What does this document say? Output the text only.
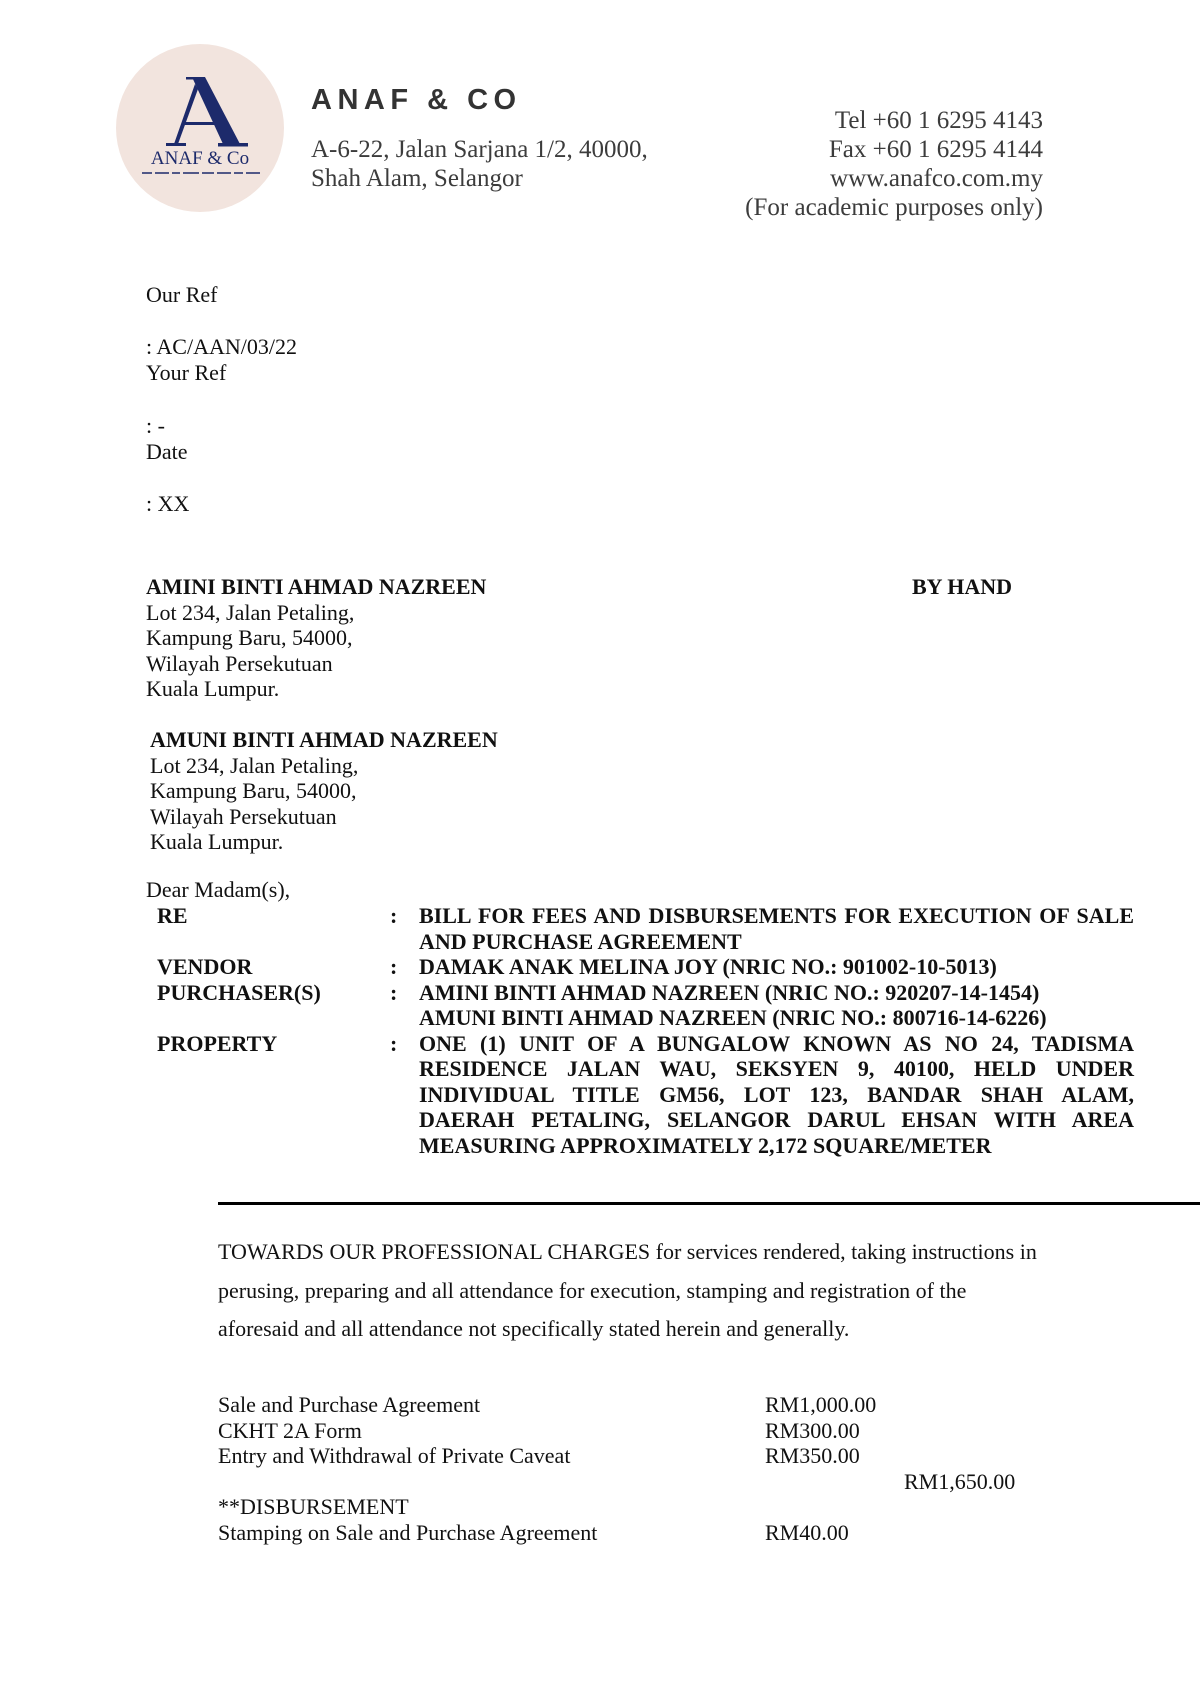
ANAF & Co
ANAF & CO
A-6-22, Jalan Sarjana 1/2, 40000,
Shah Alam, Selangor
Tel +60 1 6295 4143
Fax +60 1 6295 4144
www.anafco.com.my
(For academic purposes only)
Our Ref
: AC/AAN/03/22
Your Ref
: -
Date
: XX
AMINI BINTI AHMAD NAZREEN
Lot 234, Jalan Petaling,
Kampung Baru, 54000,
Wilayah Persekutuan
Kuala Lumpur.
BY HAND
AMUNI BINTI AHMAD NAZREEN
Lot 234, Jalan Petaling,
Kampung Baru, 54000,
Wilayah Persekutuan
Kuala Lumpur.
Dear Madam(s),
RE	: BILL FOR FEES AND DISBURSEMENTS FOR EXECUTION OF SALE
AND PURCHASE AGREEMENT
VENDOR	: DAMAK ANAK MELINA JOY (NRIC NO.: 901002-10-5013)
PURCHASER(S)	: AMINI BINTI AHMAD NAZREEN (NRIC NO.: 920207-14-1454)
AMUNI BINTI AHMAD NAZREEN (NRIC NO.: 800716-14-6226)
PROPERTY	: ONE (1) UNIT OF A BUNGALOW KNOWN AS NO 24, TADISMA
RESIDENCE JALAN WAU, SEKSYEN 9, 40100, HELD UNDER
INDIVIDUAL TITLE GM56, LOT 123, BANDAR SHAH ALAM,
DAERAH PETALING, SELANGOR DARUL EHSAN WITH AREA
MEASURING APPROXIMATELY 2,172 SQUARE/METER
TOWARDS OUR PROFESSIONAL CHARGES for services rendered, taking instructions in
perusing, preparing and all attendance for execution, stamping and registration of the
aforesaid and all attendance not specifically stated herein and generally.
Sale and Purchase Agreement	RM1,000.00
CKHT 2A Form	RM300.00
Entry and Withdrawal of Private Caveat	RM350.00
RM1,650.00
**DISBURSEMENT
Stamping on Sale and Purchase Agreement	RM40.00
